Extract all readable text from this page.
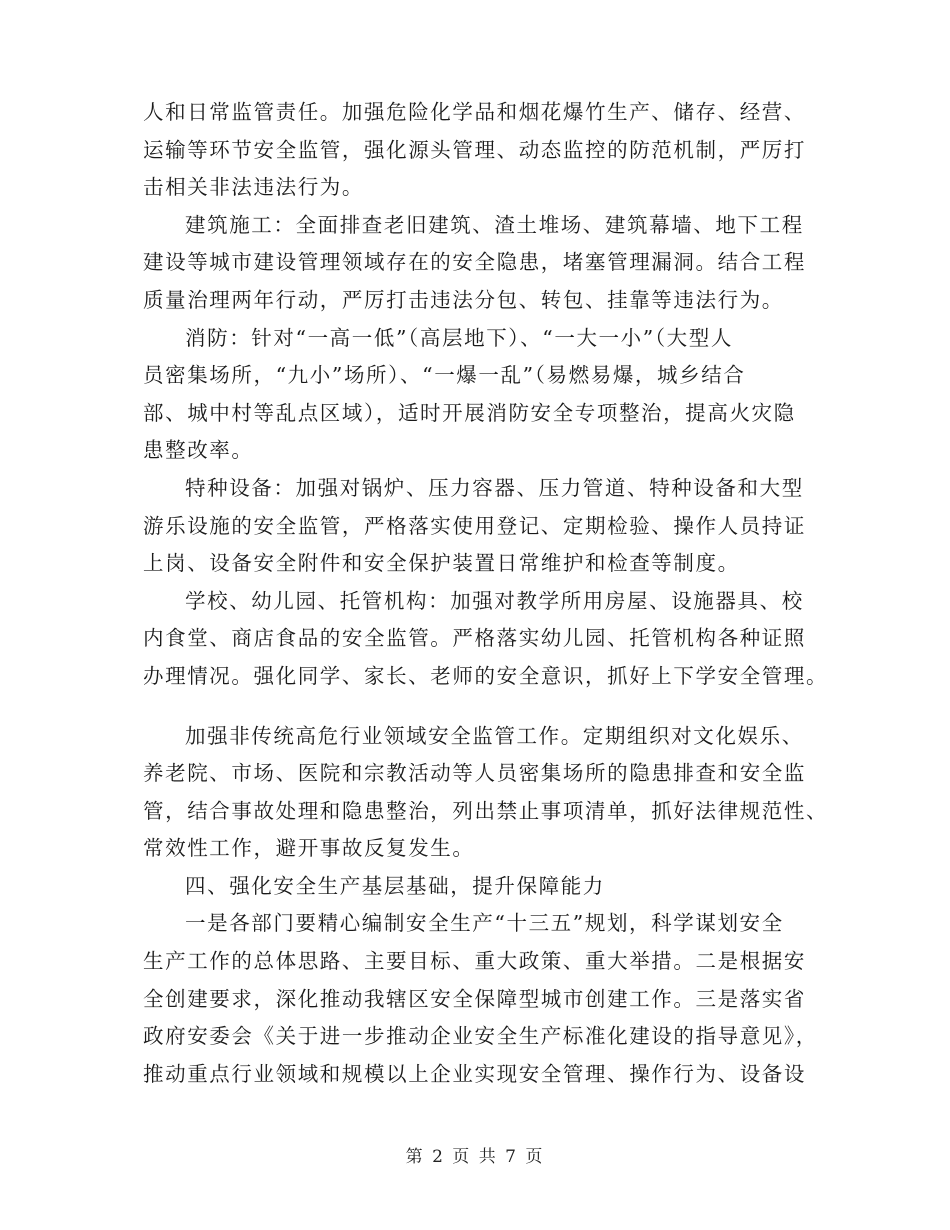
人和日常监管责任。加强危险化学品和烟花爆竹生产、储存、经营、
运输等环节安全监管，强化源头管理、动态监控的防范机制，严厉打
击相关非法违法行为。
建筑施工：全面排查老旧建筑、渣土堆场、建筑幕墙、地下工程
建设等城市建设管理领域存在的安全隐患，堵塞管理漏洞。结合工程
质量治理两年行动，严厉打击违法分包、转包、挂靠等违法行为。
消防：针对“一高一低”（高层地下）、“一大一小”（大型人
员密集场所，“九小”场所）、“一爆一乱”（易燃易爆，城乡结合
部、城中村等乱点区域），适时开展消防安全专项整治，提高火灾隐
患整改率。
特种设备：加强对锅炉、压力容器、压力管道、特种设备和大型
游乐设施的安全监管，严格落实使用登记、定期检验、操作人员持证
上岗、设备安全附件和安全保护装置日常维护和检查等制度。
学校、幼儿园、托管机构：加强对教学所用房屋、设施器具、校
内食堂、商店食品的安全监管。严格落实幼儿园、托管机构各种证照
办理情况。强化同学、家长、老师的安全意识，抓好上下学安全管理。
加强非传统高危行业领域安全监管工作。定期组织对文化娱乐、
养老院、市场、医院和宗教活动等人员密集场所的隐患排查和安全监
管，结合事故处理和隐患整治，列出禁止事项清单，抓好法律规范性、
常效性工作，避开事故反复发生。
四、强化安全生产基层基础，提升保障能力
一是各部门要精心编制安全生产“十三五”规划，科学谋划安全
生产工作的总体思路、主要目标、重大政策、重大举措。二是根据安
全创建要求，深化推动我辖区安全保障型城市创建工作。三是落实省
政府安委会《关于进一步推动企业安全生产标准化建设的指导意见》，
推动重点行业领域和规模以上企业实现安全管理、操作行为、设备设
第 2 页 共 7 页
